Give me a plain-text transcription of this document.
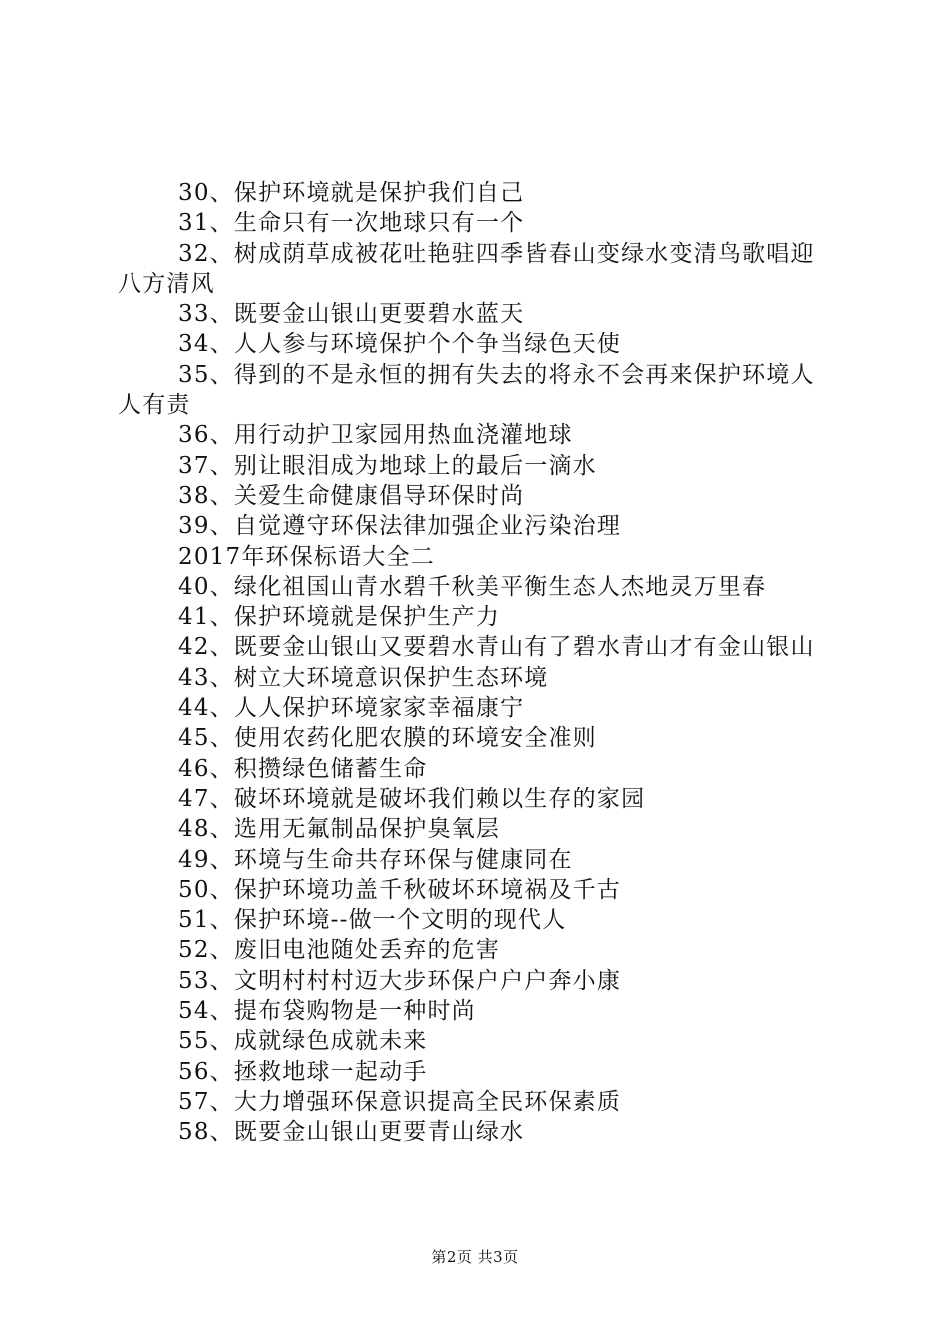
30、保护环境就是保护我们自己
31、生命只有一次地球只有一个
32、树成荫草成被花吐艳驻四季皆春山变绿水变清鸟歌唱迎八方清风
33、既要金山银山更要碧水蓝天
34、人人参与环境保护个个争当绿色天使
35、得到的不是永恒的拥有失去的将永不会再来保护环境人人有责
36、用行动护卫家园用热血浇灌地球
37、别让眼泪成为地球上的最后一滴水
38、关爱生命健康倡导环保时尚
39、自觉遵守环保法律加强企业污染治理
2017年环保标语大全二
40、绿化祖国山青水碧千秋美平衡生态人杰地灵万里春
41、保护环境就是保护生产力
42、既要金山银山又要碧水青山有了碧水青山才有金山银山
43、树立大环境意识保护生态环境
44、人人保护环境家家幸福康宁
45、使用农药化肥农膜的环境安全准则
46、积攒绿色储蓄生命
47、破坏环境就是破坏我们赖以生存的家园
48、选用无氟制品保护臭氧层
49、环境与生命共存环保与健康同在
50、保护环境功盖千秋破坏环境祸及千古
51、保护环境--做一个文明的现代人
52、废旧电池随处丢弃的危害
53、文明村村村迈大步环保户户户奔小康
54、提布袋购物是一种时尚
55、成就绿色成就未来
56、拯救地球一起动手
57、大力增强环保意识提高全民环保素质
58、既要金山银山更要青山绿水
第2页 共3页
